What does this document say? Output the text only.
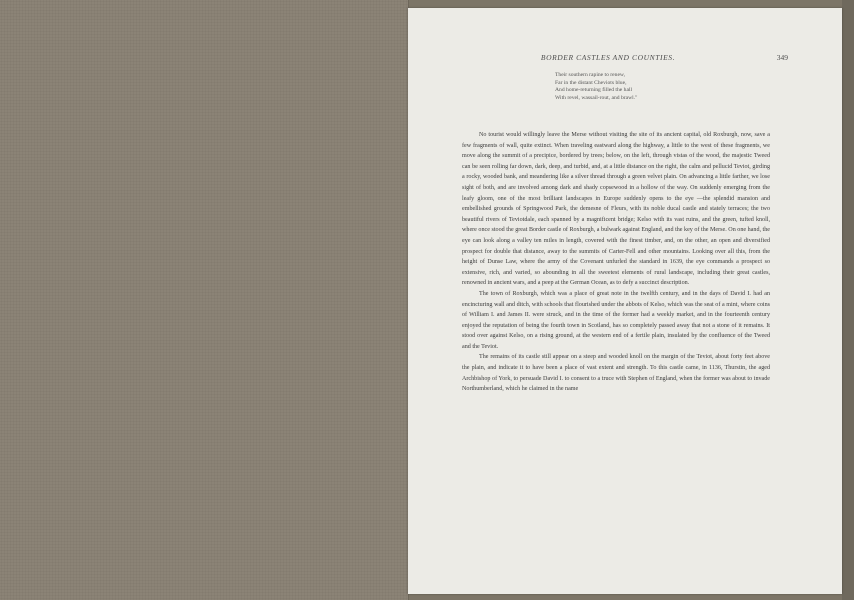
BORDER CASTLES AND COUNTIES.	349
Their southern rapine to renew,
Far in the distant Cheviots blue,
And home-returning filled the hall
With revel, wassail-rout, and brawl."

No tourist would willingly leave the Merse without visiting the site of its ancient capital, old Roxburgh, now, save a few fragments of wall, quite extinct. When traveling eastward along the highway, a little to the west of these fragments, we move along the summit of a precipice, bordered by trees; below, on the left, through vistas of the wood, the majestic Tweed can be seen rolling far down, dark, deep, and turbid, and, at a little distance on the right, the calm and pellucid Teviot, girding a rocky, wooded bank, and meandering like a silver thread through a green velvet plain. On advancing a little farther, we lose sight of both, and are involved among dark and shady copsewood in a hollow of the way. On suddenly emerging from the leafy gloom, one of the most brilliant landscapes in Europe suddenly opens to the eye —the splendid mansion and embellished grounds of Springwood Park, the demesne of Fleurs, with its noble ducal castle and stately terraces; the two beautiful rivers of Teviotdale, each spanned by a magnificent bridge; Kelso with its vast ruins, and the green, tufted knoll, where once stood the great Border castle of Roxburgh, a bulwark against England, and the key of the Merse. On one hand, the eye can look along a valley ten miles in length, covered with the finest timber, and, on the other, an open and diversified prospect for double that distance, away to the summits of Carter-Fell and other mountains. Looking over all this, from the height of Dunse Law, where the army of the Covenant unfurled the standard in 1639, the eye commands a prospect so extensive, rich, and varied, so abounding in all the sweetest elements of rural landscape, including their great castles, renowned in ancient wars, and a peep at the German Ocean, as to defy a succinct description.

The town of Roxburgh, which was a place of great note in the twelfth century, and in the days of David I. had an encincturing wall and ditch, with schools that flourished under the abbots of Kelso, which was the seat of a mint, where coins of William I. and James II. were struck, and in the time of the former had a weekly market, and in the fourteenth century enjoyed the reputation of being the fourth town in Scotland, has so completely passed away that not a stone of it remains. It stood over against Kelso, on a rising ground, at the western end of a fertile plain, insulated by the confluence of the Tweed and the Teviot.

The remains of its castle still appear on a steep and wooded knoll on the margin of the Teviot, about forty feet above the plain, and indicate it to have been a place of vast extent and strength. To this castle came, in 1136, Thurstin, the aged Archbishop of York, to persuade David I. to consent to a truce with Stephen of England, when the former was about to invade Northumberland, which he claimed in the name
